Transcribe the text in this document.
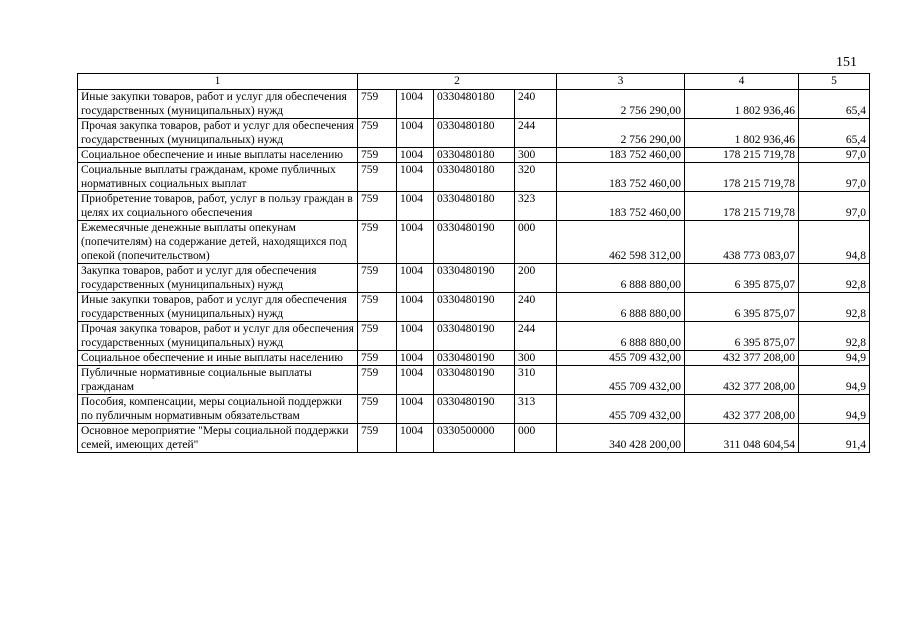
151
1	2				3	4	5
Иные закупки товаров, работ и услуг для обеспечения государственных (муниципальных) нужд	759	1004	0330480180	240	2 756 290,00	1 802 936,46	65,4
Прочая закупка товаров, работ и услуг для обеспечения государственных (муниципальных) нужд	759	1004	0330480180	244	2 756 290,00	1 802 936,46	65,4
Социальное обеспечение и иные выплаты населению	759	1004	0330480180	300	183 752 460,00	178 215 719,78	97,0
Социальные выплаты гражданам, кроме публичных нормативных социальных выплат	759	1004	0330480180	320	183 752 460,00	178 215 719,78	97,0
Приобретение товаров, работ, услуг в пользу граждан в целях их социального обеспечения	759	1004	0330480180	323	183 752 460,00	178 215 719,78	97,0
Ежемесячные денежные выплаты опекунам (попечителям) на содержание детей, находящихся под опекой (попечительством)	759	1004	0330480190	000	462 598 312,00	438 773 083,07	94,8
Закупка товаров, работ и услуг для обеспечения государственных (муниципальных) нужд	759	1004	0330480190	200	6 888 880,00	6 395 875,07	92,8
Иные закупки товаров, работ и услуг для обеспечения государственных (муниципальных) нужд	759	1004	0330480190	240	6 888 880,00	6 395 875,07	92,8
Прочая закупка товаров, работ и услуг для обеспечения государственных (муниципальных) нужд	759	1004	0330480190	244	6 888 880,00	6 395 875,07	92,8
Социальное обеспечение и иные выплаты населению	759	1004	0330480190	300	455 709 432,00	432 377 208,00	94,9
Публичные нормативные социальные выплаты гражданам	759	1004	0330480190	310	455 709 432,00	432 377 208,00	94,9
Пособия, компенсации, меры социальной поддержки по публичным нормативным обязательствам	759	1004	0330480190	313	455 709 432,00	432 377 208,00	94,9
Основное мероприятие "Меры социальной поддержки семей, имеющих детей"	759	1004	0330500000	000	340 428 200,00	311 048 604,54	91,4
